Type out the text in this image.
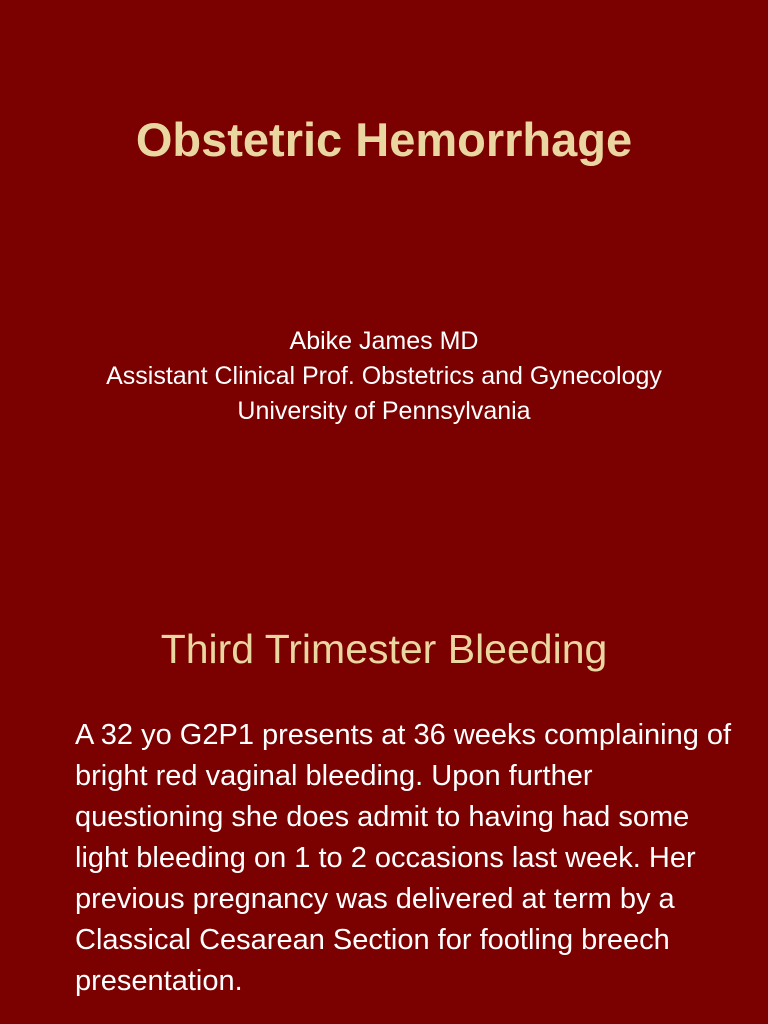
Obstetric Hemorrhage
Abike James MD
Assistant Clinical Prof. Obstetrics and Gynecology
University of Pennsylvania
Third Trimester Bleeding

A 32 yo G2P1 presents at 36 weeks complaining of bright red vaginal bleeding. Upon further questioning she does admit to having had some light bleeding on 1 to 2 occasions last week. Her previous pregnancy was delivered at term by a Classical Cesarean Section for footling breech presentation.
